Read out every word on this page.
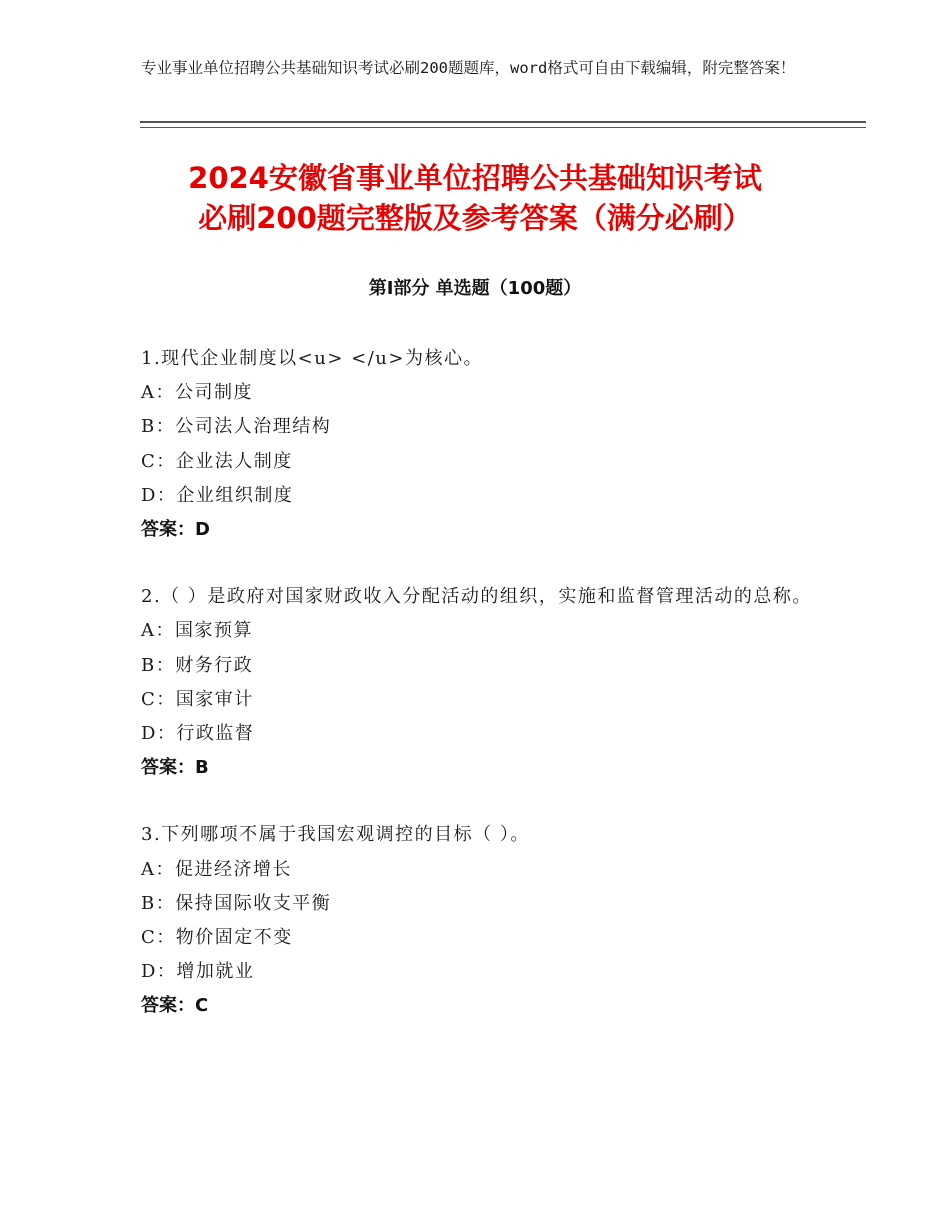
专业事业单位招聘公共基础知识考试必刷200题题库，word格式可自由下载编辑，附完整答案！
2024安徽省事业单位招聘公共基础知识考试
必刷200题完整版及参考答案（满分必刷）
第Ⅰ部分 单选题（100题）
1.现代企业制度以<u> </u>为核心。
A：公司制度
B：公司法人治理结构
C：企业法人制度
D：企业组织制度
答案：D
2.（ ）是政府对国家财政收入分配活动的组织，实施和监督管理活动的总称。
A：国家预算
B：财务行政
C：国家审计
D：行政监督
答案：B
3.下列哪项不属于我国宏观调控的目标（ ）。
A：促进经济增长
B：保持国际收支平衡
C：物价固定不变
D：增加就业
答案：C
